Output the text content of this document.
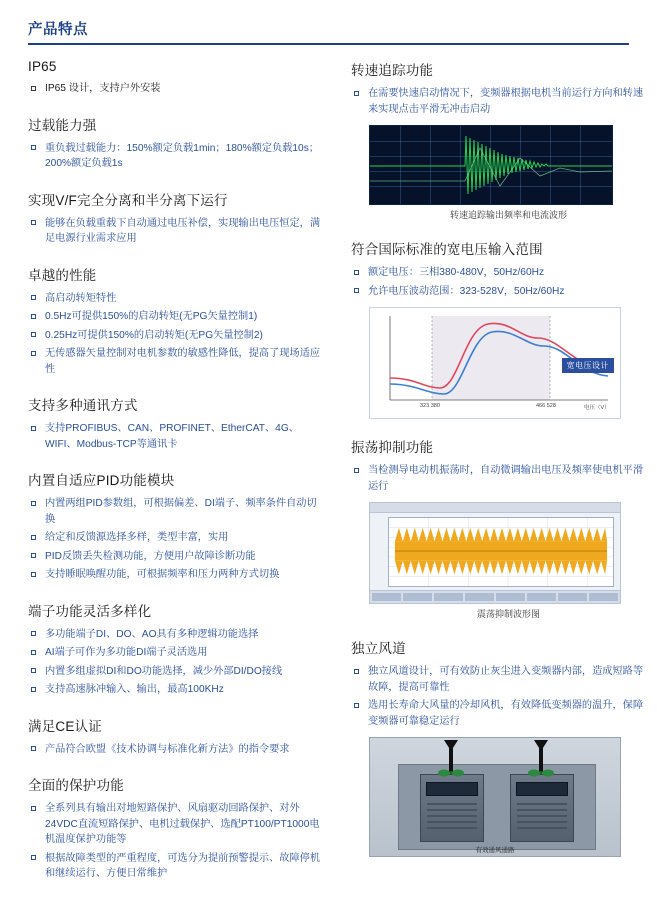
产品特点
IP65
IP65 设计，支持户外安装
过载能力强
重负载过载能力：150%额定负载1min；180%额定负载10s；200%额定负载1s
实现V/F完全分离和半分离下运行
能够在负载重载下自动通过电压补偿，实现输出电压恒定，满足电源行业需求应用
卓越的性能
高启动转矩特性
0.5Hz可提供150%的启动转矩(无PG矢量控制1)
0.25Hz可提供150%的启动转矩(无PG矢量控制2)
无传感器矢量控制对电机参数的敏感性降低，提高了现场适应性
支持多种通讯方式
支持PROFIBUS、CAN、PROFINET、EtherCAT、4G、WIFI、Modbus-TCP等通讯卡
内置自适应PID功能模块
内置两组PID参数组，可根据偏差、DI端子、频率条件自动切换
给定和反馈源选择多样，类型丰富，实用
PID反馈丢失检测功能，方便用户故障诊断功能
支持睡眠唤醒功能，可根据频率和压力两种方式切换
端子功能灵活多样化
多功能端子DI、DO、AO具有多种逻辑功能选择
AI端子可作为多功能DI端子灵活选用
内置多组虚拟DI和DO功能选择，减少外部DI/DO接线
支持高速脉冲输入、输出，最高100KHz
满足CE认证
产品符合欧盟《技术协调与标准化新方法》的指令要求
全面的保护功能
全系列具有输出对地短路保护、风扇驱动回路保护、对外24VDC直流短路保护、电机过载保护、选配PT100/PT1000电机温度保护功能等
根据故障类型的严重程度，可选分为提前预警提示、故障停机和继续运行、方便日常维护
转速追踪功能
在需要快速启动情况下，变频器根据电机当前运行方向和转速来实现点击平滑无冲击启动
转速追踪输出频率和电流波形
符合国际标准的宽电压输入范围
额定电压：三相380-480V，50Hz/60Hz
允许电压波动范围：323-528V，50Hz/60Hz
323 380	466 528	电压（V）
宽电压设计
振荡抑制功能
当检测导电动机振荡时，自动微调输出电压及频率使电机平滑运行
震荡抑制波形图
独立风道
独立风道设计，可有效防止灰尘进入变频器内部，造成短路等故障，提高可靠性
选用长寿命大风量的冷却风机，有效降低变频器的温升，保障变频器可靠稳定运行
有效通风通路
